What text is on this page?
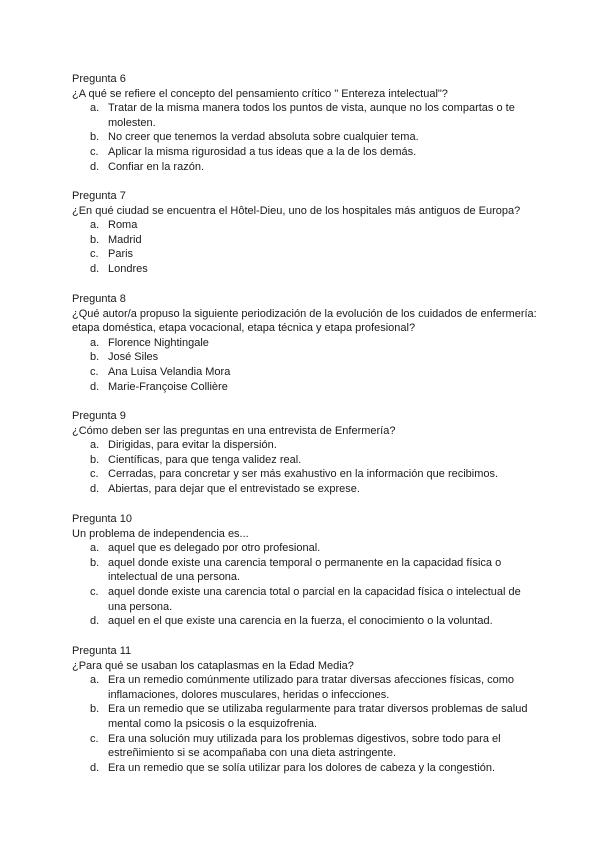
Pregunta 6

¿A qué se refiere el concepto del pensamiento crítico " Entereza intelectual"?

a. Tratar de la misma manera todos los puntos de vista, aunque no los compartas o te molesten.
b. No creer que tenemos la verdad absoluta sobre cualquier tema.
c. Aplicar la misma rigurosidad a tus ideas que a la de los demás.
d. Confiar en la razón.

Pregunta 7

¿En qué ciudad se encuentra el Hôtel-Dieu, uno de los hospitales más antiguos de Europa?

a. Roma
b. Madrid
c. Paris
d. Londres

Pregunta 8

¿Qué autor/a propuso la siguiente periodización de la evolución de los cuidados de enfermería: etapa doméstica, etapa vocacional, etapa técnica y etapa profesional?

a. Florence Nightingale
b. José Siles
c. Ana Luisa Velandia Mora
d. Marie-Françoise Collière

Pregunta 9

¿Cómo deben ser las preguntas en una entrevista de Enfermería?

a. Dirigidas, para evitar la dispersión.
b. Científicas, para que tenga validez real.
c. Cerradas, para concretar y ser más exahustivo en la información que recibimos.
d. Abiertas, para dejar que el entrevistado se exprese.

Pregunta 10

Un problema de independencia es...

a. aquel que es delegado por otro profesional.
b. aquel donde existe una carencia temporal o permanente en la capacidad física o intelectual de una persona.
c. aquel donde existe una carencia total o parcial en la capacidad física o intelectual de una persona.
d. aquel en el que existe una carencia en la fuerza, el conocimiento o la voluntad.

Pregunta 11

¿Para qué se usaban los cataplasmas en la Edad Media?

a. Era un remedio comúnmente utilizado para tratar diversas afecciones físicas, como inflamaciones, dolores musculares, heridas o infecciones.
b. Era un remedio que se utilizaba regularmente para tratar diversos problemas de salud mental como la psicosis o la esquizofrenia.
c. Era una solución muy utilizada para los problemas digestivos, sobre todo para el estreñimiento si se acompañaba con una dieta astringente.
d. Era un remedio que se solía utilizar para los dolores de cabeza y la congestión.
